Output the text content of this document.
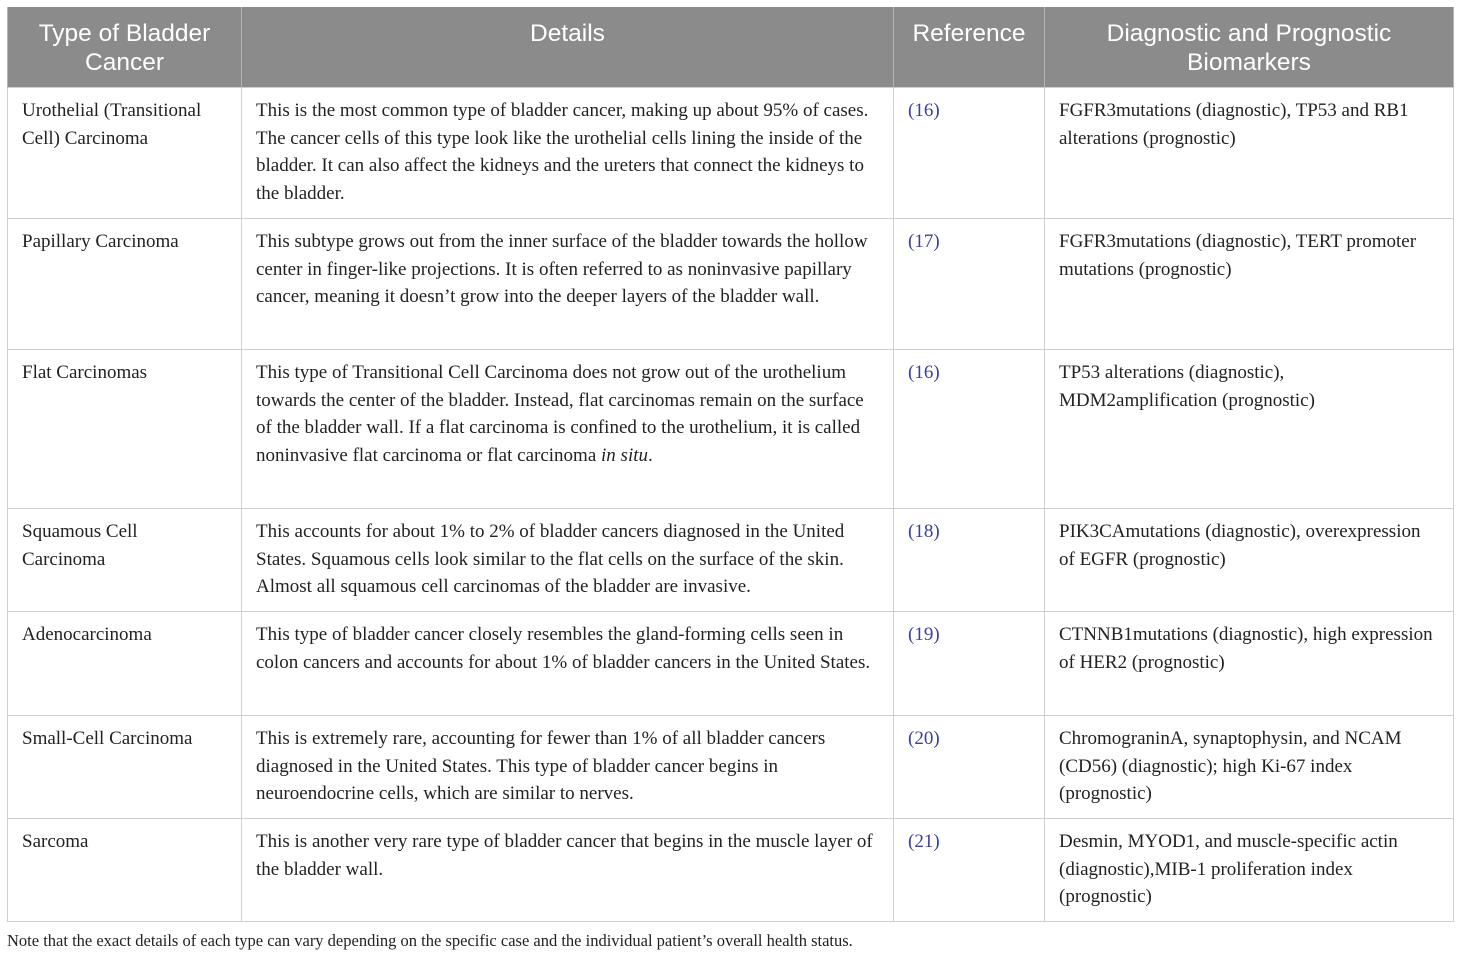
Type of Bladder Cancer	Details	Reference	Diagnostic and Prognostic Biomarkers
Urothelial (Transitional Cell) Carcinoma	This is the most common type of bladder cancer, making up about 95% of cases. The cancer cells of this type look like the urothelial cells lining the inside of the bladder. It can also affect the kidneys and the ureters that connect the kidneys to the bladder.	(16)	FGFR3mutations (diagnostic), TP53 and RB1 alterations (prognostic)
Papillary Carcinoma	This subtype grows out from the inner surface of the bladder towards the hollow center in finger-like projections. It is often referred to as noninvasive papillary cancer, meaning it doesn’t grow into the deeper layers of the bladder wall.	(17)	FGFR3mutations (diagnostic), TERT promoter mutations (prognostic)
Flat Carcinomas	This type of Transitional Cell Carcinoma does not grow out of the urothelium towards the center of the bladder. Instead, flat carcinomas remain on the surface of the bladder wall. If a flat carcinoma is confined to the urothelium, it is called noninvasive flat carcinoma or flat carcinoma in situ.	(16)	TP53 alterations (diagnostic), MDM2amplification (prognostic)
Squamous Cell Carcinoma	This accounts for about 1% to 2% of bladder cancers diagnosed in the United States. Squamous cells look similar to the flat cells on the surface of the skin. Almost all squamous cell carcinomas of the bladder are invasive.	(18)	PIK3CAmutations (diagnostic), overexpression of EGFR (prognostic)
Adenocarcinoma	This type of bladder cancer closely resembles the gland-forming cells seen in colon cancers and accounts for about 1% of bladder cancers in the United States.	(19)	CTNNB1mutations (diagnostic), high expression of HER2 (prognostic)
Small-Cell Carcinoma	This is extremely rare, accounting for fewer than 1% of all bladder cancers diagnosed in the United States. This type of bladder cancer begins in neuroendocrine cells, which are similar to nerves.	(20)	ChromograninA, synaptophysin, and NCAM (CD56) (diagnostic); high Ki-67 index (prognostic)
Sarcoma	This is another very rare type of bladder cancer that begins in the muscle layer of the bladder wall.	(21)	Desmin, MYOD1, and muscle-specific actin (diagnostic),MIB-1 proliferation index (prognostic)
Note that the exact details of each type can vary depending on the specific case and the individual patient’s overall health status.
